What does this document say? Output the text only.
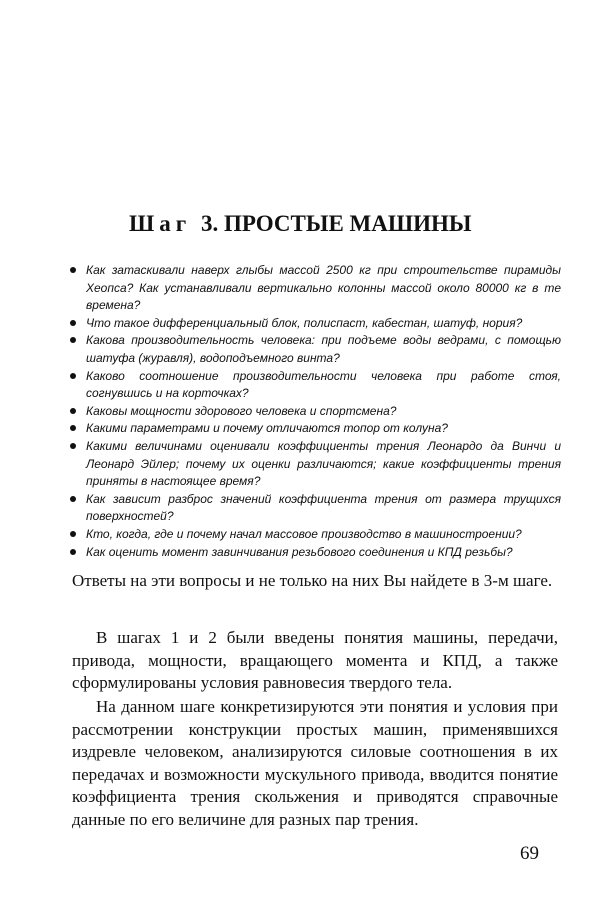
Шаг 3. ПРОСТЫЕ МАШИНЫ
Как затаскивали наверх глыбы массой 2500 кг при строительстве пирамиды Хеопса? Как устанавливали вертикально колонны массой около 80000 кг в те времена?
Что такое дифференциальный блок, полиспаст, кабестан, шатуф, нория?
Какова производительность человека: при подъеме воды ведрами, с помощью шатуфа (журавля), водоподъемного винта?
Каково соотношение производительности человека при работе стоя, согнувшись и на корточках?
Каковы мощности здорового человека и спортсмена?
Какими параметрами и почему отличаются топор от колуна?
Какими величинами оценивали коэффициенты трения Леонардо да Винчи и Леонард Эйлер; почему их оценки различаются; какие коэффициенты трения приняты в настоящее время?
Как зависит разброс значений коэффициента трения от размера трущихся поверхностей?
Кто, когда, где и почему начал массовое производство в машиностроении?
Как оценить момент завинчивания резьбового соединения и КПД резьбы?

Ответы на эти вопросы и не только на них Вы найдете в 3-м шаге.

В шагах 1 и 2 были введены понятия машины, передачи, привода, мощности, вращающего момента и КПД, а также сформулированы условия равновесия твердого тела.

На данном шаге конкретизируются эти понятия и условия при рассмотрении конструкции простых машин, применявшихся издревле человеком, анализируются силовые соотношения в их передачах и возможности мускульного привода, вводится понятие коэффициента трения скольжения и приводятся справочные данные по его величине для разных пар трения.

69
